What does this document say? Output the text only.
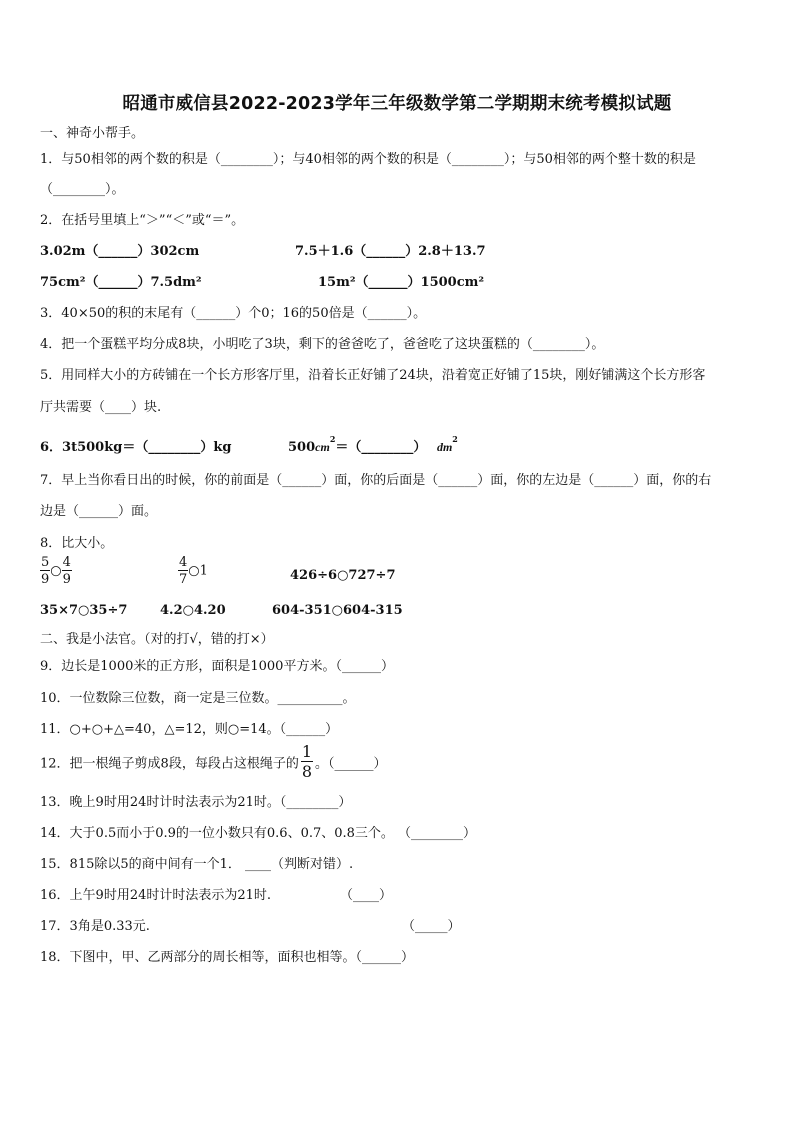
昭通市威信县2022-2023学年三年级数学第二学期期末统考模拟试题
一、神奇小帮手。
1．与50相邻的两个数的积是（________）；与40相邻的两个数的积是（________）；与50相邻的两个整十数的积是
（________）。
2．在括号里填上“＞”“＜”或“＝”。
3.02m（______）302cm	7.5＋1.6（______）2.8＋13.7
75cm²（______）7.5dm²	15m²（______）1500cm²
3．40×50的积的末尾有（______）个0；16的50倍是（______）。
4．把一个蛋糕平均分成8块，小明吃了3块，剩下的爸爸吃了，爸爸吃了这块蛋糕的（________）。
5．用同样大小的方砖铺在一个长方形客厅里，沿着长正好铺了24块，沿着宽正好铺了15块，刚好铺满这个长方形客
厅共需要（____）块.
6．3t500kg＝（________）kg	$500cm^2=(\_\_\_\_\_\_\_\_)$ $dm^2$
7．早上当你看日出的时候，你的前面是（______）面，你的后面是（______）面，你的左边是（______）面，你的右
边是（______）面。
8．比大小。
$\frac{5}{9}$ ○ $\frac{4}{9}$	$\frac{4}{7}$ ○1	426÷6○727÷7
35×7○35÷7	4.2○4.20	604-351○604-315
二、我是小法官。（对的打√，错的打×）
9．边长是1000米的正方形，面积是1000平方米。（______）
10．一位数除三位数，商一定是三位数。__________。
11．○+○+△=40，△=12，则○=14。（______）
12．把一根绳子剪成8段，每段占这根绳子的 $\frac{1}{8}$ 。（______）
13．晚上9时用24时计时法表示为21时。（________）
14．大于0.5而小于0.9的一位小数只有0.6、0.7、0.8三个。 （________）
15．815除以5的商中间有一个1． ____（判断对错）.
16．上午9时用24时计时法表示为21时.	（____）
17．3角是0.33元.	（_____）
18．下图中，甲、乙两部分的周长相等，面积也相等。（______）
